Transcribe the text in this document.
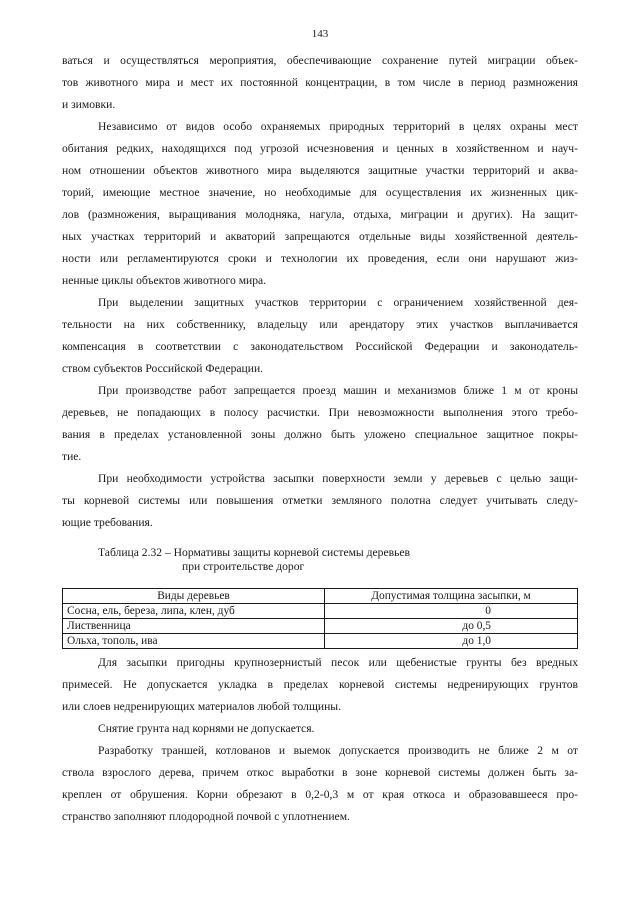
143

ваться и осуществляться мероприятия, обеспечивающие сохранение путей миграции объек-
тов животного мира и мест их постоянной концентрации, в том числе в период размножения
и зимовки.

Независимо от видов особо охраняемых природных территорий в целях охраны мест
обитания редких, находящихся под угрозой исчезновения и ценных в хозяйственном и науч-
ном отношении объектов животного мира выделяются защитные участки территорий и аква-
торий, имеющие местное значение, но необходимые для осуществления их жизненных цик-
лов (размножения, выращивания молодняка, нагула, отдыха, миграции и других). На защит-
ных участках территорий и акваторий запрещаются отдельные виды хозяйственной деятель-
ности или регламентируются сроки и технологии их проведения, если они нарушают жиз-
ненные циклы объектов животного мира.

При выделении защитных участков территории с ограничением хозяйственной дея-
тельности на них собственнику, владельцу или арендатору этих участков выплачивается
компенсация в соответствии с законодательством Российской Федерации и законодатель-
ством субъектов Российской Федерации.

При производстве работ запрещается проезд машин и механизмов ближе 1 м от кроны
деревьев, не попадающих в полосу расчистки. При невозможности выполнения этого требо-
вания в пределах установленной зоны должно быть уложено специальное защитное покры-
тие.

При необходимости устройства засыпки поверхности земли у деревьев с целью защи-
ты корневой системы или повышения отметки земляного полотна следует учитывать следу-
ющие требования.

Таблица 2.32 – Нормативы защиты корневой системы деревьев
при строительстве дорог
Виды деревьев	Допустимая толщина засыпки, м
Сосна, ель, береза, липа, клен, дуб	0
Лиственница	до 0,5
Ольха, тополь, ива	до 1,0

Для засыпки пригодны крупнозернистый песок или щебенистые грунты без вредных
примесей. Не допускается укладка в пределах корневой системы недренирующих грунтов
или слоев недренирующих материалов любой толщины.

Снятие грунта над корнями не допускается.

Разработку траншей, котлованов и выемок допускается производить не ближе 2 м от
ствола взрослого дерева, причем откос выработки в зоне корневой системы должен быть за-
креплен от обрушения. Корни обрезают в 0,2-0,3 м от края откоса и образовавшееся про-
странство заполняют плодородной почвой с уплотнением.
